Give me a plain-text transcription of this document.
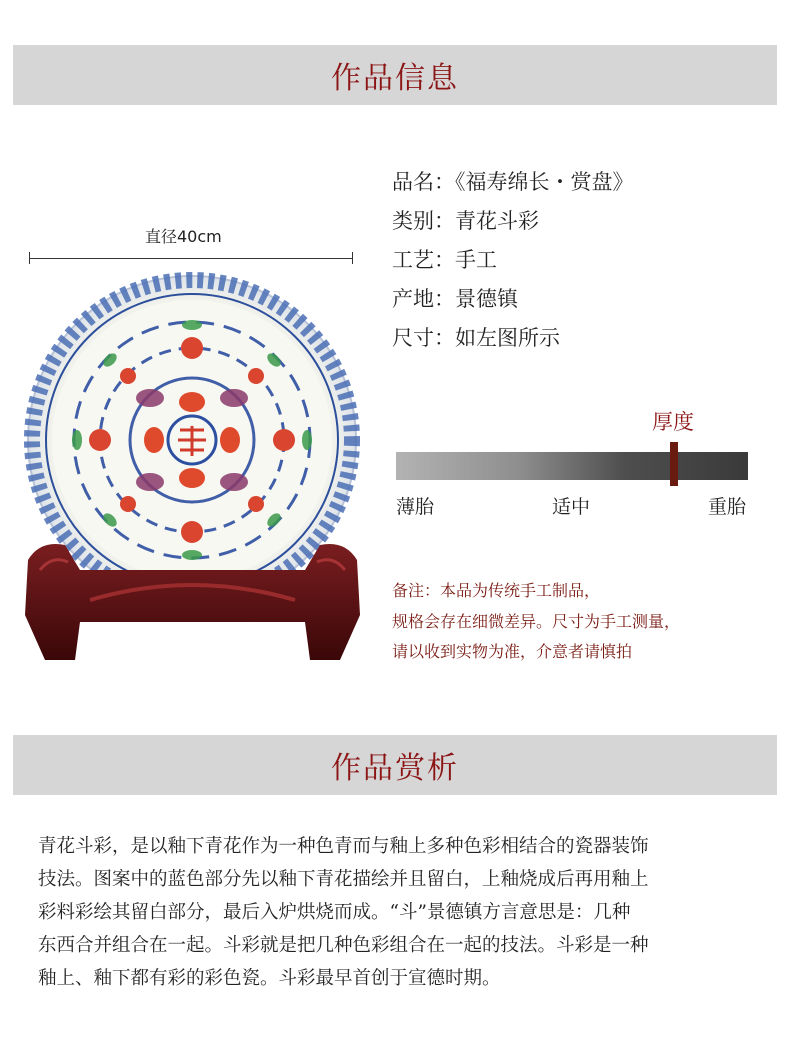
作品信息
直径40cm
品名：《福寿绵长・赏盘》
类别：青花斗彩
工艺：手工
产地：景德镇
尺寸：如左图所示
厚度
薄胎	适中	重胎
备注：本品为传统手工制品，
规格会存在细微差异。尺寸为手工测量，
请以收到实物为准，介意者请慎拍
作品赏析
青花斗彩，是以釉下青花作为一种色青而与釉上多种色彩相结合的瓷器装饰
技法。图案中的蓝色部分先以釉下青花描绘并且留白，上釉烧成后再用釉上
彩料彩绘其留白部分，最后入炉烘烧而成。“斗”景德镇方言意思是：几种
东西合并组合在一起。斗彩就是把几种色彩组合在一起的技法。斗彩是一种
釉上、釉下都有彩的彩色瓷。斗彩最早首创于宣德时期。
